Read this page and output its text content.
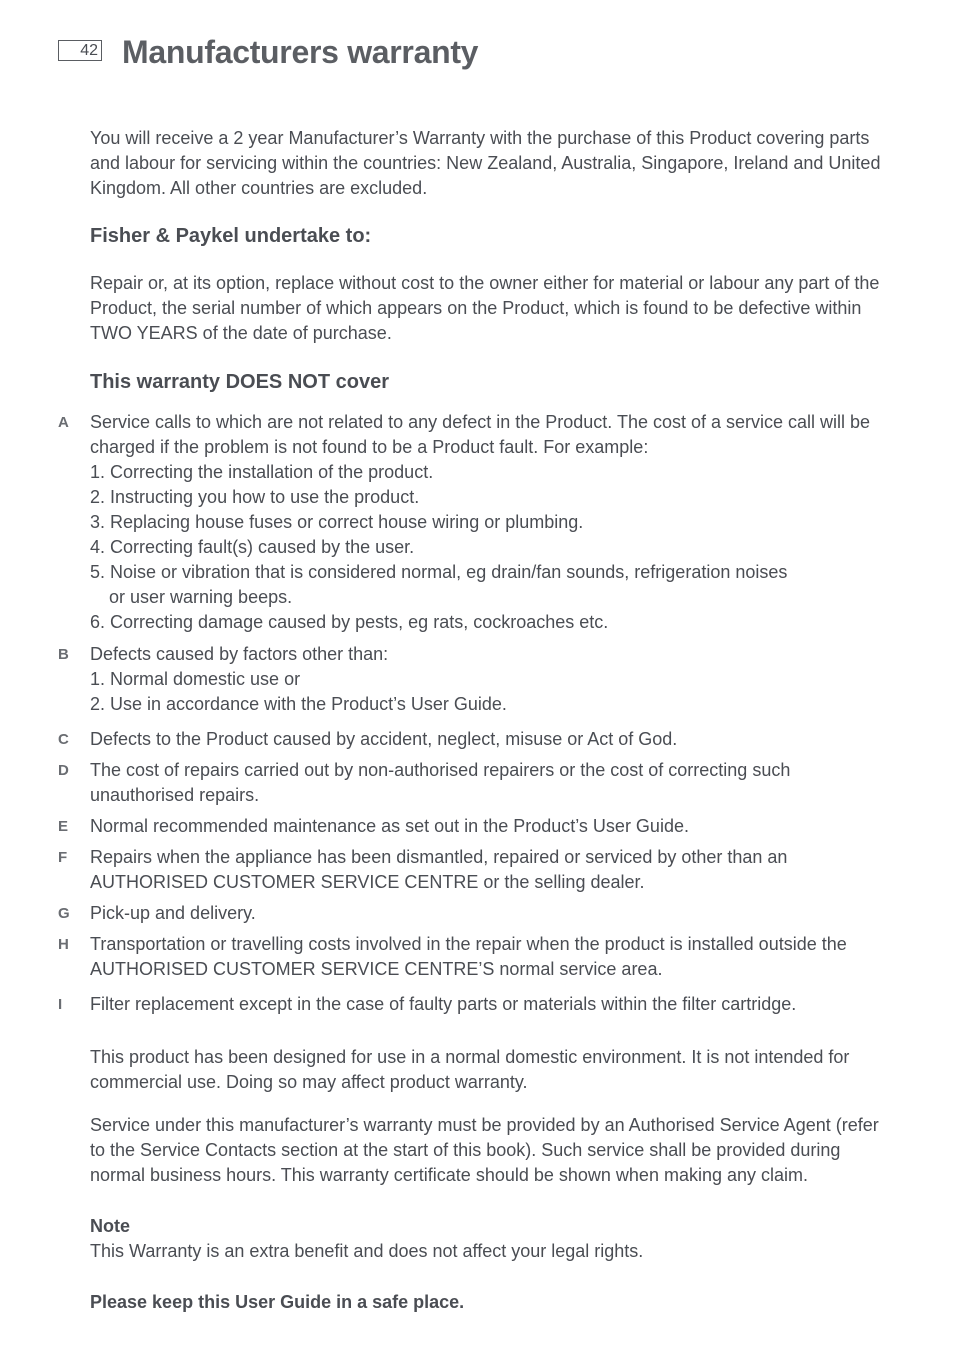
42 Manufacturers warranty

You will receive a 2 year Manufacturer’s Warranty with the purchase of this Product covering parts and labour for servicing within the countries: New Zealand, Australia, Singapore, Ireland and United Kingdom. All other countries are excluded.

Fisher & Paykel undertake to:

Repair or, at its option, replace without cost to the owner either for material or labour any part of the Product, the serial number of which appears on the Product, which is found to be defective within TWO YEARS of the date of purchase.

This warranty DOES NOT cover

A Service calls to which are not related to any defect in the Product. The cost of a service call will be charged if the problem is not found to be a Product fault. For example:
1. Correcting the installation of the product.
2. Instructing you how to use the product.
3. Replacing house fuses or correct house wiring or plumbing.
4. Correcting fault(s) caused by the user.
5. Noise or vibration that is considered normal, eg drain/fan sounds, refrigeration noises
or user warning beeps.
6. Correcting damage caused by pests, eg rats, cockroaches etc.
B Defects caused by factors other than:
1. Normal domestic use or
2. Use in accordance with the Product’s User Guide.
C Defects to the Product caused by accident, neglect, misuse or Act of God.
D The cost of repairs carried out by non-authorised repairers or the cost of correcting such unauthorised repairs.
E Normal recommended maintenance as set out in the Product’s User Guide.
F Repairs when the appliance has been dismantled, repaired or serviced by other than an AUTHORISED CUSTOMER SERVICE CENTRE or the selling dealer.
G Pick-up and delivery.
H Transportation or travelling costs involved in the repair when the product is installed outside the AUTHORISED CUSTOMER SERVICE CENTRE’S normal service area.
I Filter replacement except in the case of faulty parts or materials within the filter cartridge.

This product has been designed for use in a normal domestic environment. It is not intended for commercial use. Doing so may affect product warranty.

Service under this manufacturer’s warranty must be provided by an Authorised Service Agent (refer to the Service Contacts section at the start of this book). Such service shall be provided during normal business hours. This warranty certificate should be shown when making any claim.

Note

This Warranty is an extra benefit and does not affect your legal rights.

Please keep this User Guide in a safe place.
